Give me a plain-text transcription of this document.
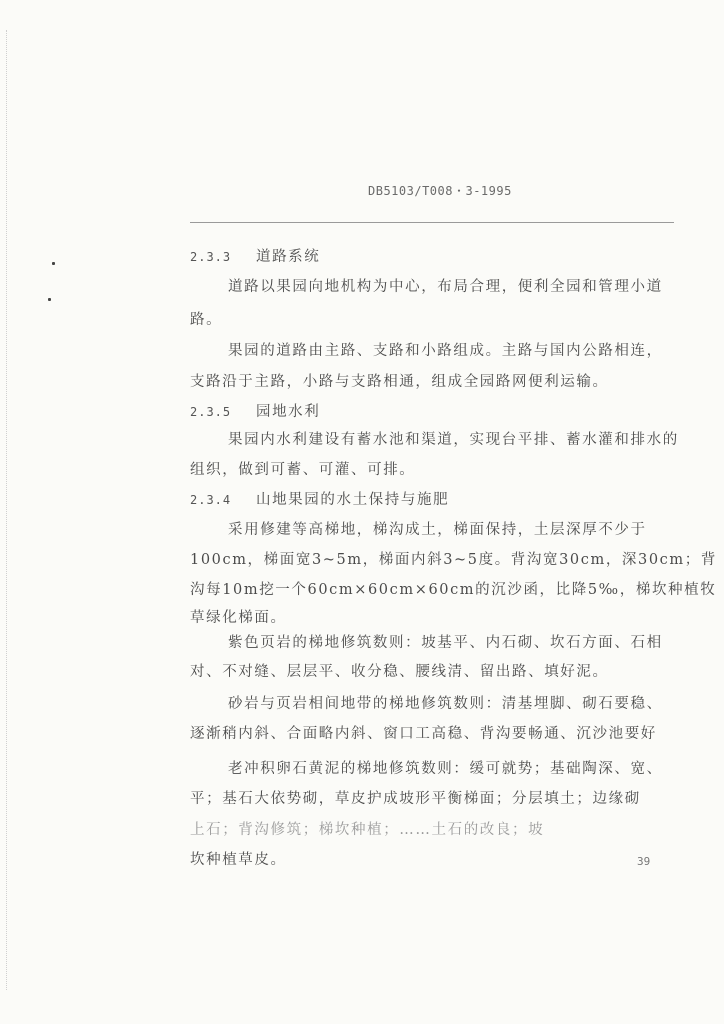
DB5103/T008・3-1995
2.3.3 道路系统
道路以果园向地机构为中心，布局合理，便利全园和管理小道
路。
果园的道路由主路、支路和小路组成。主路与国内公路相连，
支路沿于主路，小路与支路相通，组成全园路网便利运输。
2.3.5 园地水利
果园内水利建设有蓄水池和渠道，实现台平排、蓄水灌和排水的
组织，做到可蓄、可灌、可排。
2.3.4 山地果园的水土保持与施肥
采用修建等高梯地，梯沟成土，梯面保持，土层深厚不少于
100cm，梯面宽3~5m，梯面内斜3~5度。背沟宽30cm，深30cm；背
沟每10m挖一个60cm×60cm×60cm的沉沙函，比降5‰，梯坎种植牧
草绿化梯面。
紫色页岩的梯地修筑数则：坡基平、内石砌、坎石方面、石相
对、不对缝、层层平、收分稳、腰线清、留出路、填好泥。
砂岩与页岩相间地带的梯地修筑数则：清基埋脚、砌石要稳、
逐渐稍内斜、合面略内斜、窗口工高稳、背沟要畅通、沉沙池要好
老冲积卵石黄泥的梯地修筑数则：缓可就势；基础陶深、宽、
平；基石大依势砌，草皮护成坡形平衡梯面；分层填土；边缘砌
上石；背沟修筑；梯坎种植；……土石的改良；坡
坎种植草皮。	39
